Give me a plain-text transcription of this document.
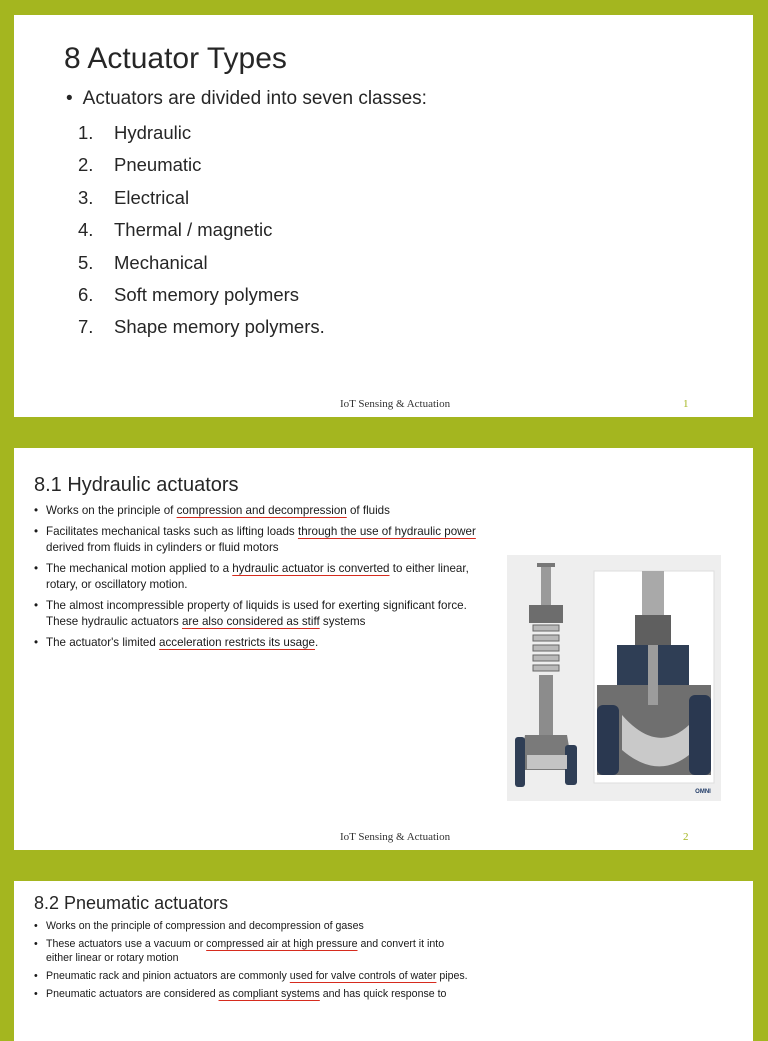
8 Actuator Types
• Actuators are divided into seven classes:
1. Hydraulic
2. Pneumatic
3. Electrical
4. Thermal / magnetic
5. Mechanical
6. Soft memory polymers
7. Shape memory polymers.
IoT Sensing & Actuation	1
8.1 Hydraulic actuators
• Works on the principle of compression and decompression of fluids
• Facilitates mechanical tasks such as lifting loads through the use of hydraulic power derived from fluids in cylinders or fluid motors
• The mechanical motion applied to a hydraulic actuator is converted to either linear, rotary, or oscillatory motion.
• The almost incompressible property of liquids is used for exerting significant force. These hydraulic actuators are also considered as stiff systems
• The actuator's limited acceleration restricts its usage.
OMNI
IoT Sensing & Actuation	2
8.2 Pneumatic actuators
• Works on the principle of compression and decompression of gases
• These actuators use a vacuum or compressed air at high pressure and convert it into either linear or rotary motion
• Pneumatic rack and pinion actuators are commonly used for valve controls of water pipes.
• Pneumatic actuators are considered as compliant systems and has quick response to
